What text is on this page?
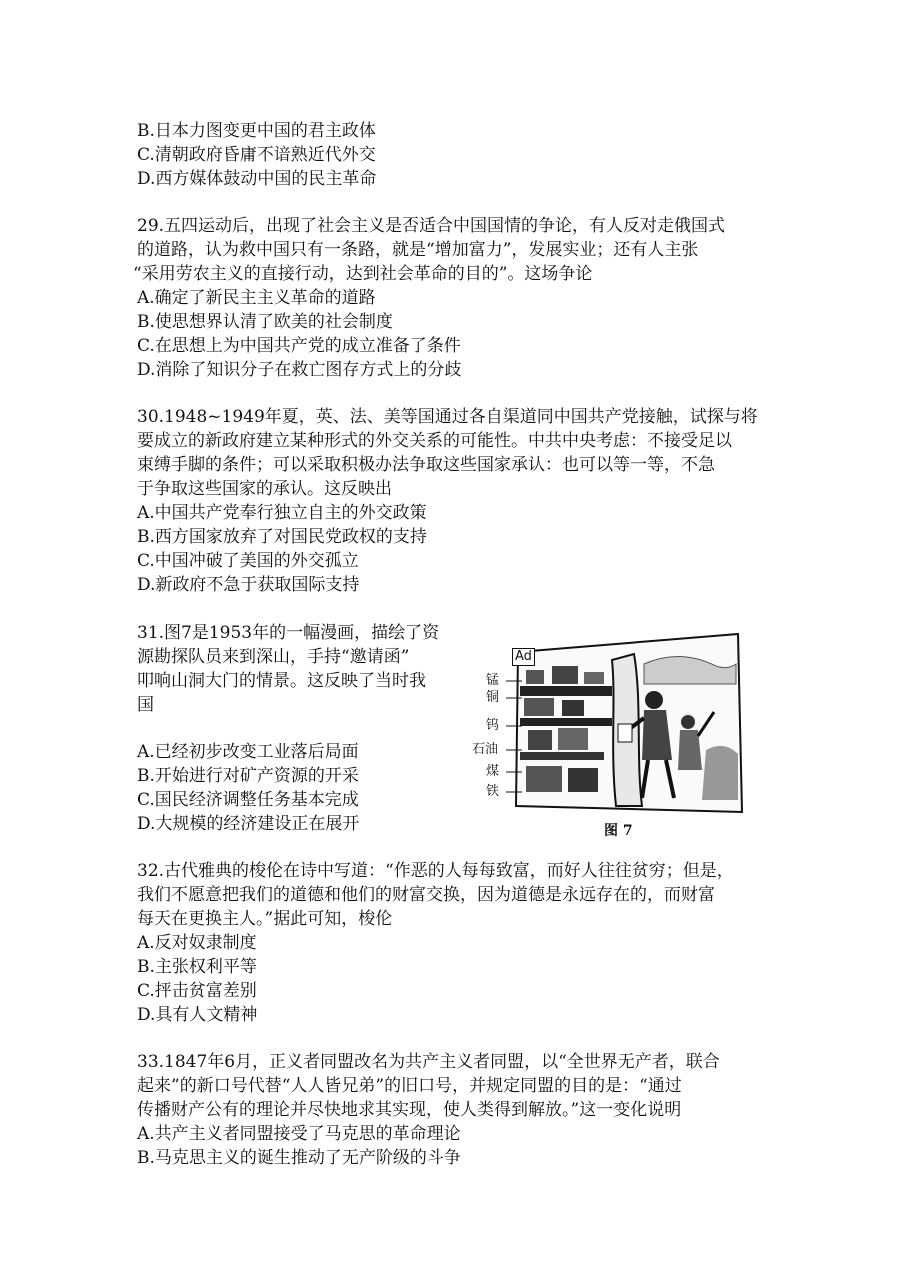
B.日本力图变更中国的君主政体
C.清朝政府昏庸不谙熟近代外交
D.西方媒体鼓动中国的民主革命
29.五四运动后，出现了社会主义是否适合中国国情的争论，有人反对走俄国式
的道路，认为救中国只有一条路，就是“增加富力”，发展实业；还有人主张
“采用劳农主义的直接行动，达到社会革命的目的”。这场争论
A.确定了新民主主义革命的道路
B.使思想界认清了欧美的社会制度
C.在思想上为中国共产党的成立准备了条件
D.消除了知识分子在救亡图存方式上的分歧
30.1948~1949年夏，英、法、美等国通过各自渠道同中国共产党接触，试探与将
要成立的新政府建立某种形式的外交关系的可能性。中共中央考虑：不接受足以
束缚手脚的条件；可以采取积极办法争取这些国家承认：也可以等一等，不急
于争取这些国家的承认。这反映出
A.中国共产党奉行独立自主的外交政策
B.西方国家放弃了对国民党政权的支持
C.中国冲破了美国的外交孤立
D.新政府不急于获取国际支持
31.图7是1953年的一幅漫画，描绘了资
源勘探队员来到深山，手持“邀请函”
叩响山洞大门的情景。这反映了当时我
国
A.已经初步改变工业落后局面
B.开始进行对矿产资源的开采
C.国民经济调整任务基本完成
D.大规模的经济建设正在展开
Ad
锰
铜
钨
石油
煤
铁
图 7
32.古代雅典的梭伦在诗中写道：“作恶的人每每致富，而好人往往贫穷；但是，
我们不愿意把我们的道德和他们的财富交换，因为道德是永远存在的，而财富
每天在更换主人。”据此可知，梭伦
A.反对奴隶制度
B.主张权利平等
C.抨击贫富差别
D.具有人文精神
33.1847年6月，正义者同盟改名为共产主义者同盟，以“全世界无产者，联合
起来”的新口号代替“人人皆兄弟”的旧口号，并规定同盟的目的是：“通过
传播财产公有的理论并尽快地求其实现，使人类得到解放。”这一变化说明
A.共产主义者同盟接受了马克思的革命理论
B.马克思主义的诞生推动了无产阶级的斗争
